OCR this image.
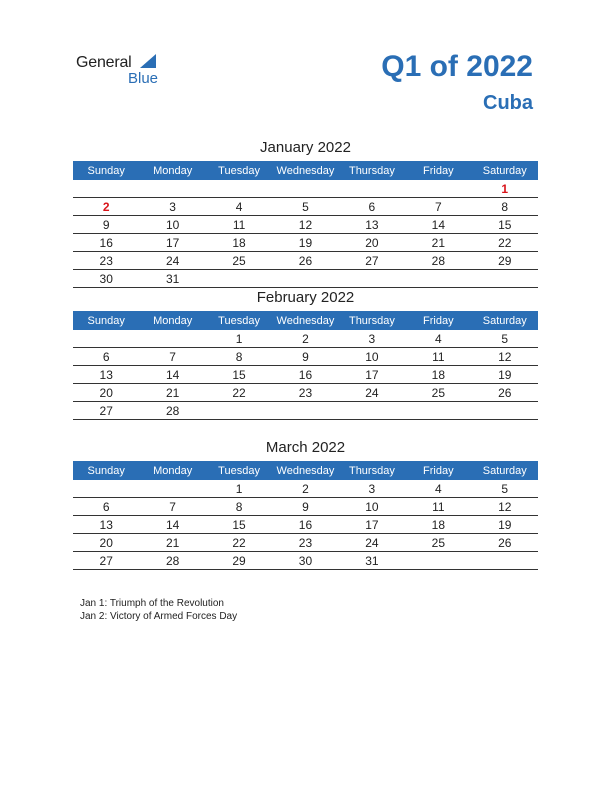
General
Blue	Q1 of 2022
Cuba
January 2022
Sunday	Monday	Tuesday	Wednesday	Thursday	Friday	Saturday
						1
2	3	4	5	6	7	8
9	10	11	12	13	14	15
16	17	18	19	20	21	22
23	24	25	26	27	28	29
30	31					
February 2022
Sunday	Monday	Tuesday	Wednesday	Thursday	Friday	Saturday
		1	2	3	4	5
6	7	8	9	10	11	12
13	14	15	16	17	18	19
20	21	22	23	24	25	26
27	28					
March 2022
Sunday	Monday	Tuesday	Wednesday	Thursday	Friday	Saturday
		1	2	3	4	5
6	7	8	9	10	11	12
13	14	15	16	17	18	19
20	21	22	23	24	25	26
27	28	29	30	31		
Jan 1: Triumph of the Revolution
Jan 2: Victory of Armed Forces Day
